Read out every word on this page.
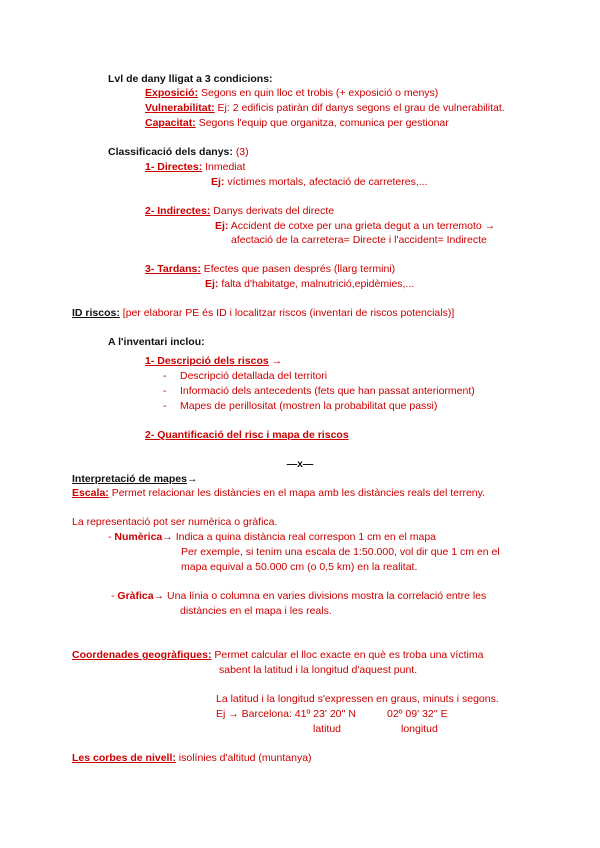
Lvl de dany lligat a 3 condicions:
Exposició: Segons en quin lloc et trobis (+ exposició o menys)
Vulnerabilitat: Ej: 2 edificis patiràn dif danys segons el grau de vulnerabilitat.
Capacitat: Segons l'equip que organitza, comunica per gestionar
Classificació dels danys: (3)
1- Directes: Inmediat
Ej: víctimes mortals, afectació de carreteres,...
2- Indirectes: Danys derivats del directe
Ej: Accident de cotxe per una grieta degut a un terremoto →
afectació de la carretera= Directe i l'accident= Indirecte
3- Tardans: Efectes que pasen després (llarg termini)
Ej: falta d'habitatge, malnutrició,epidèmies,...
ID riscos: [per elaborar PE és ID i localitzar riscos (inventari de riscos potencials)]
A l'inventari inclou:
1- Descripció dels riscos →
- Descripció detallada del territori
- Informació dels antecedents (fets que han passat anteriorment)
- Mapes de perillositat (mostren la probabilitat que passi)
2- Quantificació del risc i mapa de riscos
—x—
Interpretació de mapes→
Escala: Permet relacionar les distàncies en el mapa amb les distàncies reals del terreny.
La representació pot ser numèrica o gràfica.
- Numèrica→ Indica a quina distància real correspon 1 cm en el mapa
Per exemple, si tenim una escala de 1:50.000, vol dir que 1 cm en el
mapa equival a 50.000 cm (o 0,5 km) en la realitat.
- Gràfica→ Una línia o columna en varies divisions mostra la correlació entre les
distàncies en el mapa i les reals.
Coordenades geogràfiques: Permet calcular el lloc exacte en què es troba una víctima
sabent la latitud i la longitud d'aquest punt.
La latitud i la longitud s'expressen en graus, minuts i segons.
Ej → Barcelona: 41º 23' 20'' N	02º 09' 32'' E
latitud	longitud
Les corbes de nivell: isolínies d'altitud (muntanya)
